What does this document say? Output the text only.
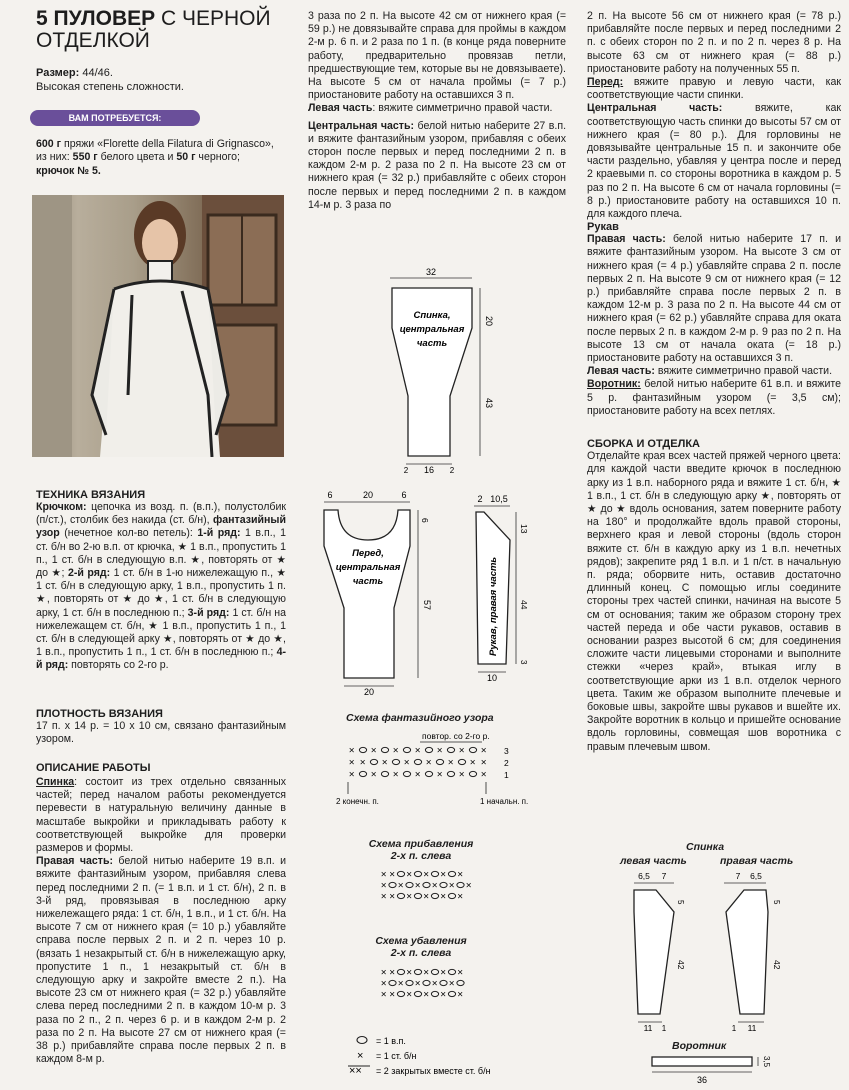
5 ПУЛОВЕР С ЧЕРНОЙ
ОТДЕЛКОЙ
Размер: 44/46.
Высокая степень сложности.
ВАМ ПОТРЕБУЕТСЯ:
600 г пряжи «Florette della Filatura di Grignasco»,
из них: 550 г белого цвета и 50 г черного;
крючок № 5.

ТЕХНИКА ВЯЗАНИЯ

Крючком: цепочка из возд. п. (в.п.), полустолбик (п/ст.), столбик без накида (ст. б/н), фантазийный узор (нечетное кол-во петель): 1-й ряд: 1 в.п., 1 ст. б/н во 2-ю в.п. от крючка, ★ 1 в.п., пропустить 1 п., 1 ст. б/н в следующую в.п. ★, повторять от ★ до ★; 2-й ряд: 1 ст. б/н в 1-ю нижележащую п., ★ 1 ст. б/н в следующую арку, 1 в.п., пропустить 1 п. ★, повторять от ★ до ★, 1 ст. б/н в следующую арку, 1 ст. б/н в последнюю п.; 3-й ряд: 1 ст. б/н на нижележащем ст. б/н, ★ 1 в.п., пропустить 1 п., 1 ст. б/н в следующей арку ★, повторять от ★ до ★, 1 в.п., пропустить 1 п., 1 ст. б/н в последнюю п.; 4-й ряд: повторять со 2-го р.

ПЛОТНОСТЬ ВЯЗАНИЯ

17 п. х 14 р. = 10 х 10 см, связано фантазийным узором.

ОПИСАНИЕ РАБОТЫ

Спинка: состоит из трех отдельно связанных частей; перед началом работы рекомендуется перевести в натуральную величину данные в масштабе выкройки и прикладывать работу к соответствующей выкройке для проверки размеров и формы.

Правая часть: белой нитью наберите 19 в.п. и вяжите фантазийным узором, прибавляя слева перед последними 2 п. (= 1 в.п. и 1 ст. б/н), 2 п. в 3-й ряд, провязывая в последнюю арку нижележащего ряда: 1 ст. б/н, 1 в.п., и 1 ст. б/н. На высоте 7 см от нижнего края (= 10 р.) убавляйте справа после первых 2 п. и 2 п. через 10 р. (вязать 1 незакрытый ст. б/н в нижележащую арку, пропустите 1 п., 1 незакрытый ст. б/н в следующую арку и закройте вместе 2 п.). На высоте 23 см от нижнего края (= 32 р.) убавляйте слева перед последними 2 п. в каждом 10-м р. 3 раза по 2 п., 2 п. через 6 р. и в каждом 2-м р. 2 раза по 2 п. На высоте 27 см от нижнего края (= 38 р.) прибавляйте справа после первых 2 п. в каждом 8-м р.

3 раза по 2 п. На высоте 42 см от нижнего края (= 59 р.) не довязывайте справа для проймы в каждом 2-м р. 6 п. и 2 раза по 1 п. (в конце ряда поверните работу, предварительно провязав петли, предшествующие тем, которые вы не довязываете). На высоте 5 см от начала проймы (= 7 р.) приостановите работу на оставшихся 3 п.

Левая часть: вяжите симметрично правой части.

Центральная часть: белой нитью наберите 27 в.п. и вяжите фантазийным узором, прибавляя с обеих сторон после первых и перед последними 2 п. в каждом 2-м р. 2 раза по 2 п. На высоте 23 см от нижнего края (= 32 р.) прибавляйте с обеих сторон после первых и перед последними 2 п. в каждом 14-м р. 3 раза по

2 п. На высоте 56 см от нижнего края (= 78 р.) прибавляйте после первых и перед последними 2 п. с обеих сторон по 2 п. и по 2 п. через 8 р. На высоте 63 см от нижнего края (= 88 р.) приостановите работу на полученных 55 п.

Перед: вяжите правую и левую части, как соответствующие части спинки.

Центральная часть: вяжите, как соответствующую часть спинки до высоты 57 см от нижнего края (= 80 р.). Для горловины не довязывайте центральные 15 п. и закончите обе части раздельно, убавляя у центра после и перед 2 краевыми п. со стороны воротника в каждом р. 5 раз по 2 п. На высоте 6 см от начала горловины (= 8 р.) приостановите работу на оставшихся 10 п. для каждого плеча.

Рукав

Правая часть: белой нитью наберите 17 п. и вяжите фантазийным узором. На высоте 3 см от нижнего края (= 4 р.) убавляйте справа 2 п. после первых 2 п. На высоте 9 см от нижнего края (= 12 р.) прибавляйте справа после первых 2 п. в каждом 12-м р. 3 раза по 2 п. На высоте 44 см от нижнего края (= 62 р.) убавляйте справа для оката после первых 2 п. в каждом 2-м р. 9 раз по 2 п. На высоте 13 см от начала оката (= 18 р.) приостановите работу на оставшихся 3 п.

Левая часть: вяжите симметрично правой части.

Воротник: белой нитью наберите 61 в.п. и вяжите 5 р. фантазийным узором (= 3,5 см); приостановите работу на всех петлях.

СБОРКА И ОТДЕЛКА

Отделайте края всех частей пряжей черного цвета: для каждой части введите крючок в последнюю арку из 1 в.п. наборного ряда и вяжите 1 ст. б/н, ★ 1 в.п., 1 ст. б/н в следующую арку ★, повторять от ★ до ★ вдоль основания, затем поверните работу на 180° и продолжайте вдоль правой стороны, верхнего края и левой стороны (вдоль сторон вяжите ст. б/н в каждую арку из 1 в.п. нечетных рядов); закрепите ряд 1 в.п. и 1 п/ст. в начальную п. ряда; оборвите нить, оставив достаточно длинный конец. С помощью иглы соедините стороны трех частей спинки, начиная на высоте 5 см от основания; таким же образом сторону трех частей переда и обе части рукавов, оставив в основании разрез высотой 6 см; для соединения сложите части лицевыми сторонами и выполните стежки «через край», втыкая иглу в соответствующие арки из 1 в.п. отделок черного цвета. Таким же образом выполните плечевые и боковые швы, закройте швы рукавов и вшейте их. Закройте воротник в кольцо и пришейте основание вдоль горловины, совмещая шов воротника с правым плечевым швом.

32
Спинка,
центральная
часть
20
43
2 16 2
6	20	6
Перед,
центральная
часть
6
57
20
2 10,5
Рукав, правая часть
13
44
3
10
Схема фантазийного узора
повтор. со 2-го р.
× × × × × × ×
× × × × × × × ×
× × × × × × ×
3
2
1
2 конечн. п.	1 начальн. п.
Схема прибавления
2-х п. слева
× × × × × ×
× × × × × ×
× × × × × ×
Схема убавления
2-х п. слева
× × × × × ×
× × × × ×
× × × × × ×
= 1 в.п.
× = 1 ст. б/н
×× = 2 закрытых вместе ст. б/н
Спинка
левая часть	правая часть
6,5 7
5
42
11 1
7 6,5
5
42
1 11
Воротник
3,5
36
